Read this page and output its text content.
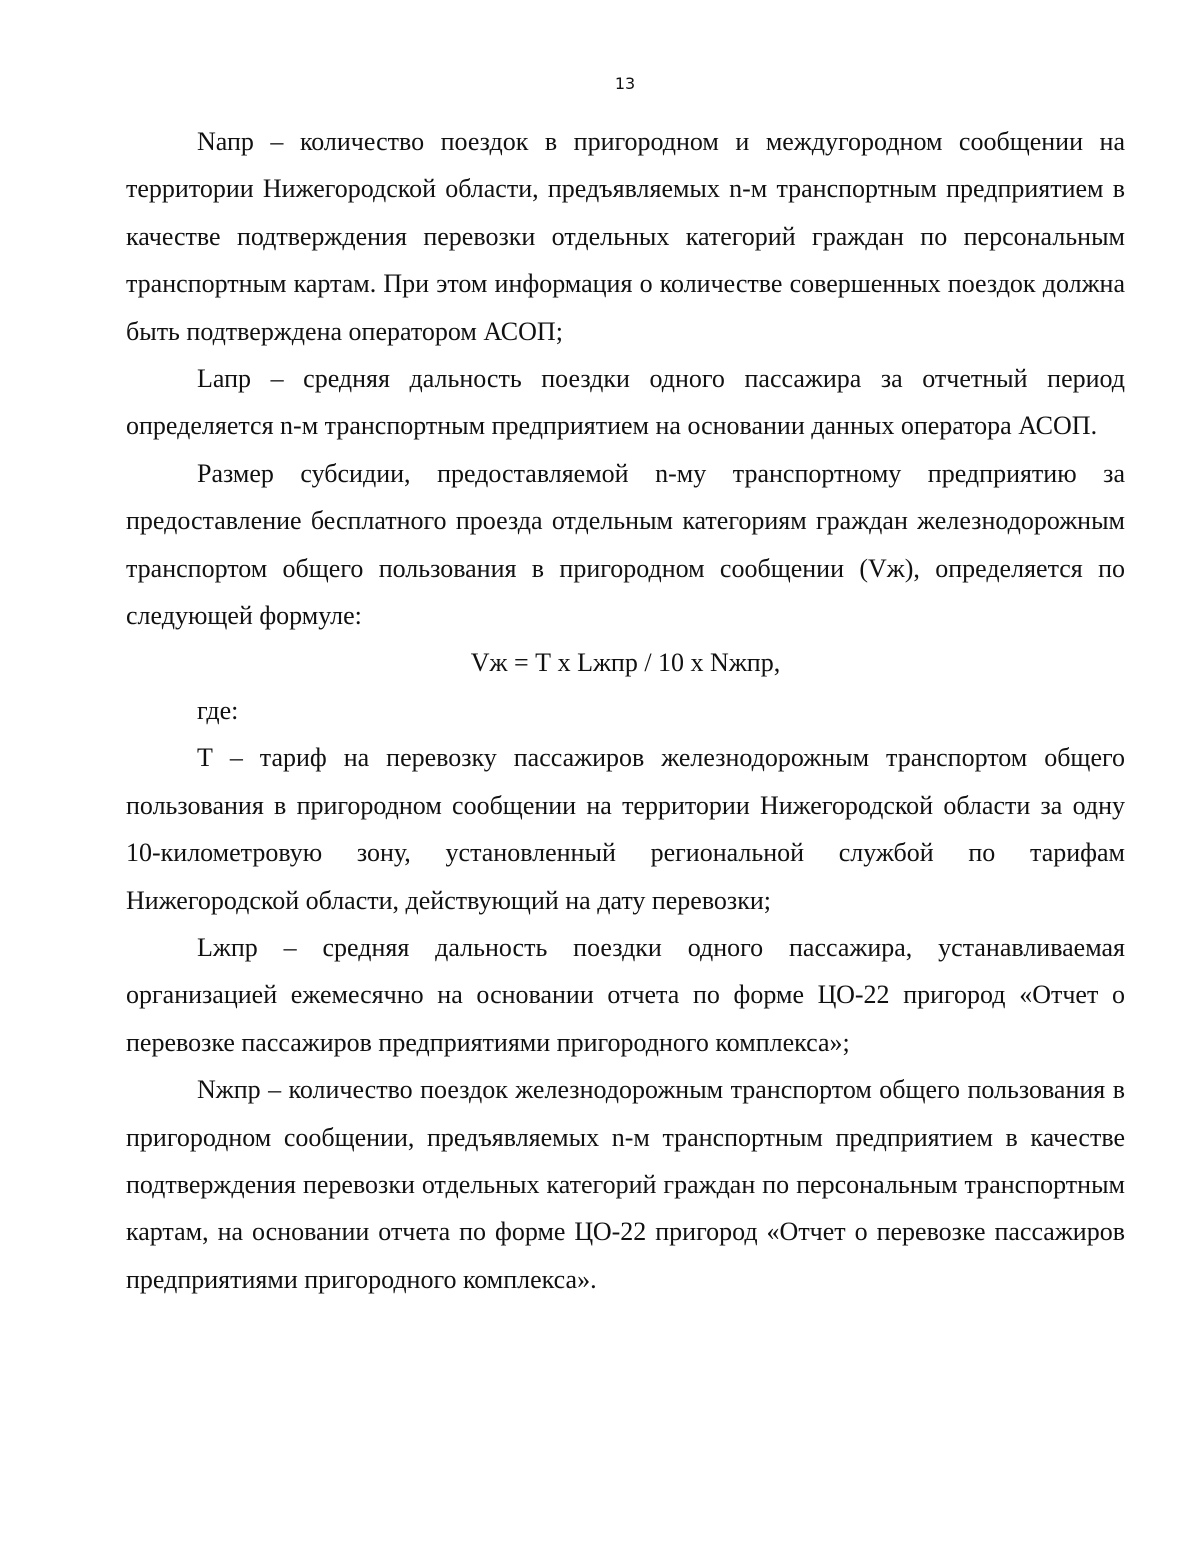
13

Nапр – количество поездок в пригородном и междугородном сообщении на территории Нижегородской области, предъявляемых n-м транспортным предприятием в качестве подтверждения перевозки отдельных категорий граждан по персональным транспортным картам. При этом информация о количестве совершенных поездок должна быть подтверждена оператором АСОП;

Lапр – средняя дальность поездки одного пассажира за отчетный период определяется n-м транспортным предприятием на основании данных оператора АСОП.

Размер субсидии, предоставляемой n-му транспортному предприятию за предоставление бесплатного проезда отдельным категориям граждан железнодорожным транспортом общего пользования в пригородном сообщении (Vж), определяется по следующей формуле:

Vж = Т х Lжпр / 10 х Nжпр,

где:

Т – тариф на перевозку пассажиров железнодорожным транспортом общего пользования в пригородном сообщении на территории Нижегородской области за одну 10-километровую зону, установленный региональной службой по тарифам Нижегородской области, действующий на дату перевозки;

Lжпр – средняя дальность поездки одного пассажира, устанавливаемая организацией ежемесячно на основании отчета по форме ЦО-22 пригород «Отчет о перевозке пассажиров предприятиями пригородного комплекса»;

Nжпр – количество поездок железнодорожным транспортом общего пользования в пригородном сообщении, предъявляемых n-м транспортным предприятием в качестве подтверждения перевозки отдельных категорий граждан по персональным транспортным картам, на основании отчета по форме ЦО-22 пригород «Отчет о перевозке пассажиров предприятиями пригородного комплекса».
